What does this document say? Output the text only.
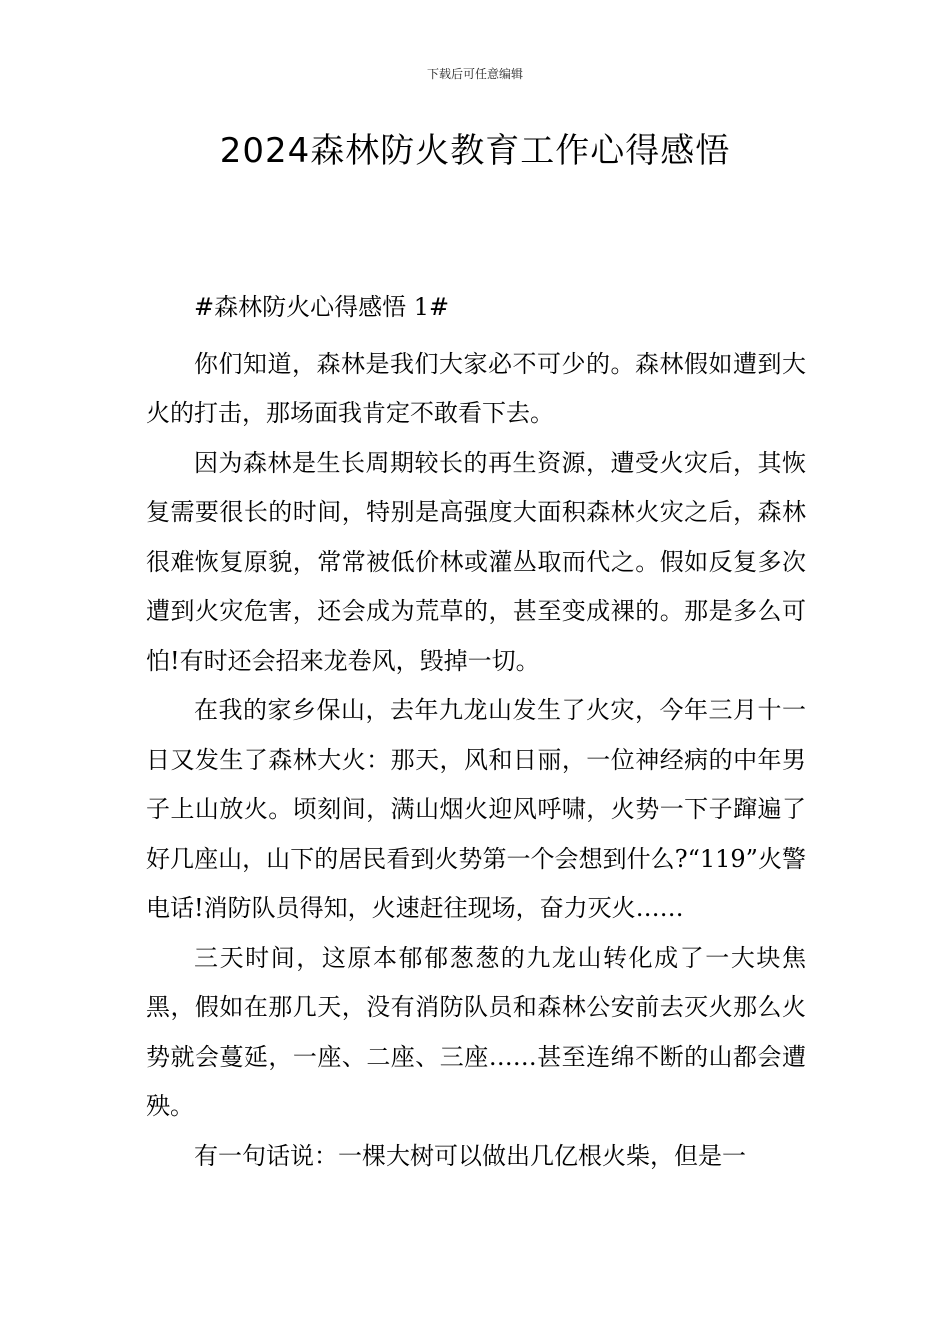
下载后可任意编辑
2024森林防火教育工作心得感悟

#森林防火心得感悟 1#

你们知道，森林是我们大家必不可少的。森林假如遭到大火的打击，那场面我肯定不敢看下去。

因为森林是生长周期较长的再生资源，遭受火灾后，其恢复需要很长的时间，特别是高强度大面积森林火灾之后，森林很难恢复原貌，常常被低价林或灌丛取而代之。假如反复多次遭到火灾危害，还会成为荒草的，甚至变成裸的。那是多么可怕!有时还会招来龙卷风，毁掉一切。

在我的家乡保山，去年九龙山发生了火灾，今年三月十一日又发生了森林大火：那天，风和日丽，一位神经病的中年男子上山放火。顷刻间，满山烟火迎风呼啸，火势一下子蹿遍了好几座山，山下的居民看到火势第一个会想到什么?“119”火警电话!消防队员得知，火速赶往现场，奋力灭火……

三天时间，这原本郁郁葱葱的九龙山转化成了一大块焦黑，假如在那几天，没有消防队员和森林公安前去灭火那么火势就会蔓延，一座、二座、三座……甚至连绵不断的山都会遭殃。

有一句话说：一棵大树可以做出几亿根火柴，但是一
